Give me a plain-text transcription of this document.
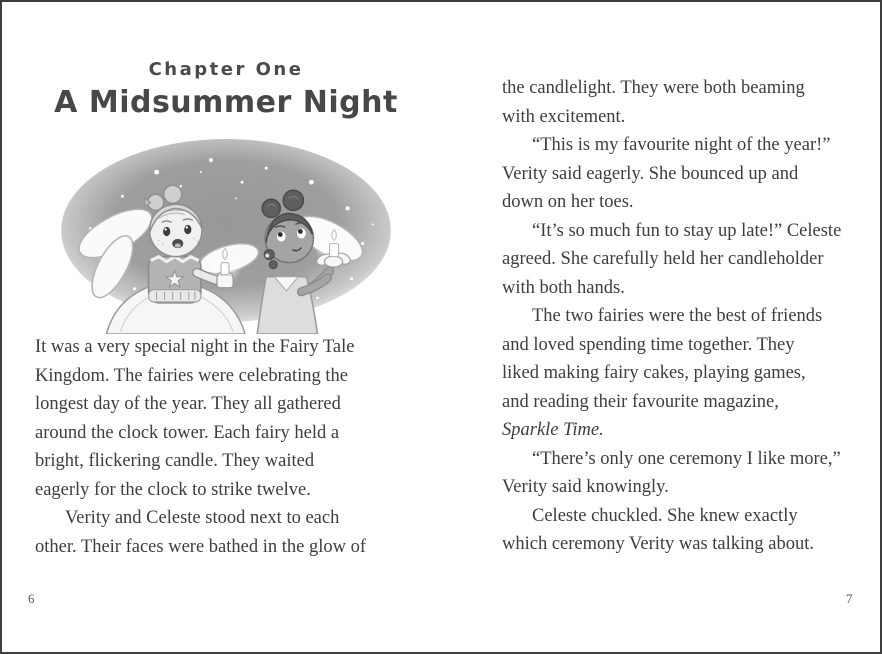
Chapter One
A Midsummer Night
It was a very special night in the Fairy Tale
Kingdom. The fairies were celebrating the
longest day of the year. They all gathered
around the clock tower. Each fairy held a
bright, flickering candle. They waited
eagerly for the clock to strike twelve.
Verity and Celeste stood next to each
other. Their faces were bathed in the glow of
the candlelight. They were both beaming
with excitement.
“This is my favourite night of the year!”
Verity said eagerly. She bounced up and
down on her toes.
“It’s so much fun to stay up late!” Celeste
agreed. She carefully held her candleholder
with both hands.
The two fairies were the best of friends
and loved spending time together. They
liked making fairy cakes, playing games,
and reading their favourite magazine,
Sparkle Time.
“There’s only one ceremony I like more,”
Verity said knowingly.
Celeste chuckled. She knew exactly
which ceremony Verity was talking about.
6	7
